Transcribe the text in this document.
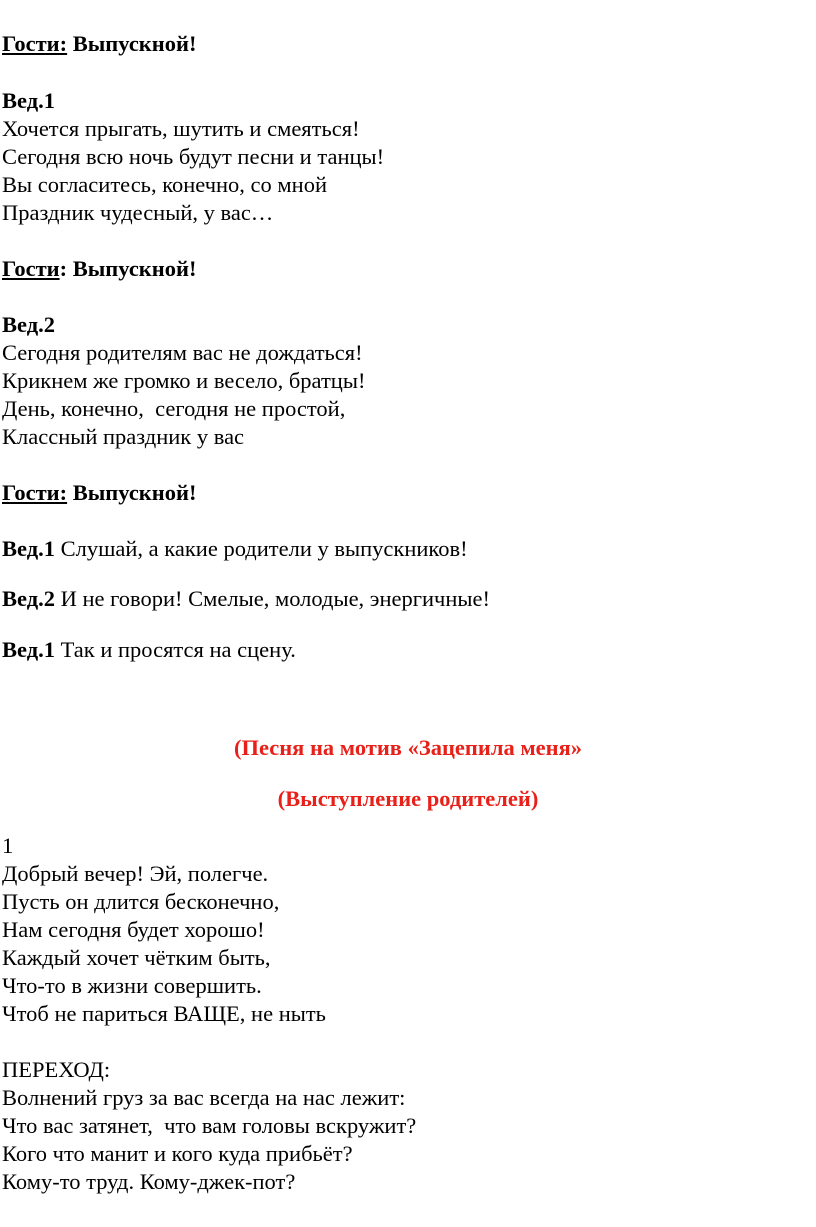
Гости: Выпускной!
Вед.1
Хочется прыгать, шутить и смеяться!
Сегодня всю ночь будут песни и танцы!
Вы согласитесь, конечно, со мной
Праздник чудесный, у вас…
Гости: Выпускной!
Вед.2
Сегодня родителям вас не дождаться!
Крикнем же громко и весело, братцы!
День, конечно,  сегодня не простой,
Классный праздник у вас
Гости: Выпускной!
Вед.1 Слушай, а какие родители у выпускников!
Вед.2 И не говори! Смелые, молодые, энергичные!
Вед.1 Так и просятся на сцену.
(Песня на мотив «Зацепила меня»
(Выступление родителей)
1
Добрый вечер! Эй, полегче.
Пусть он длится бесконечно,
Нам сегодня будет хорошо!
Каждый хочет чётким быть,
Что-то в жизни совершить.
Чтоб не париться ВАЩЕ, не ныть
ПЕРЕХОД:
Волнений груз за вас всегда на нас лежит:
Что вас затянет,  что вам головы вскружит?
Кого что манит и кого куда прибьёт?
Кому-то труд. Кому-джек-пот?
